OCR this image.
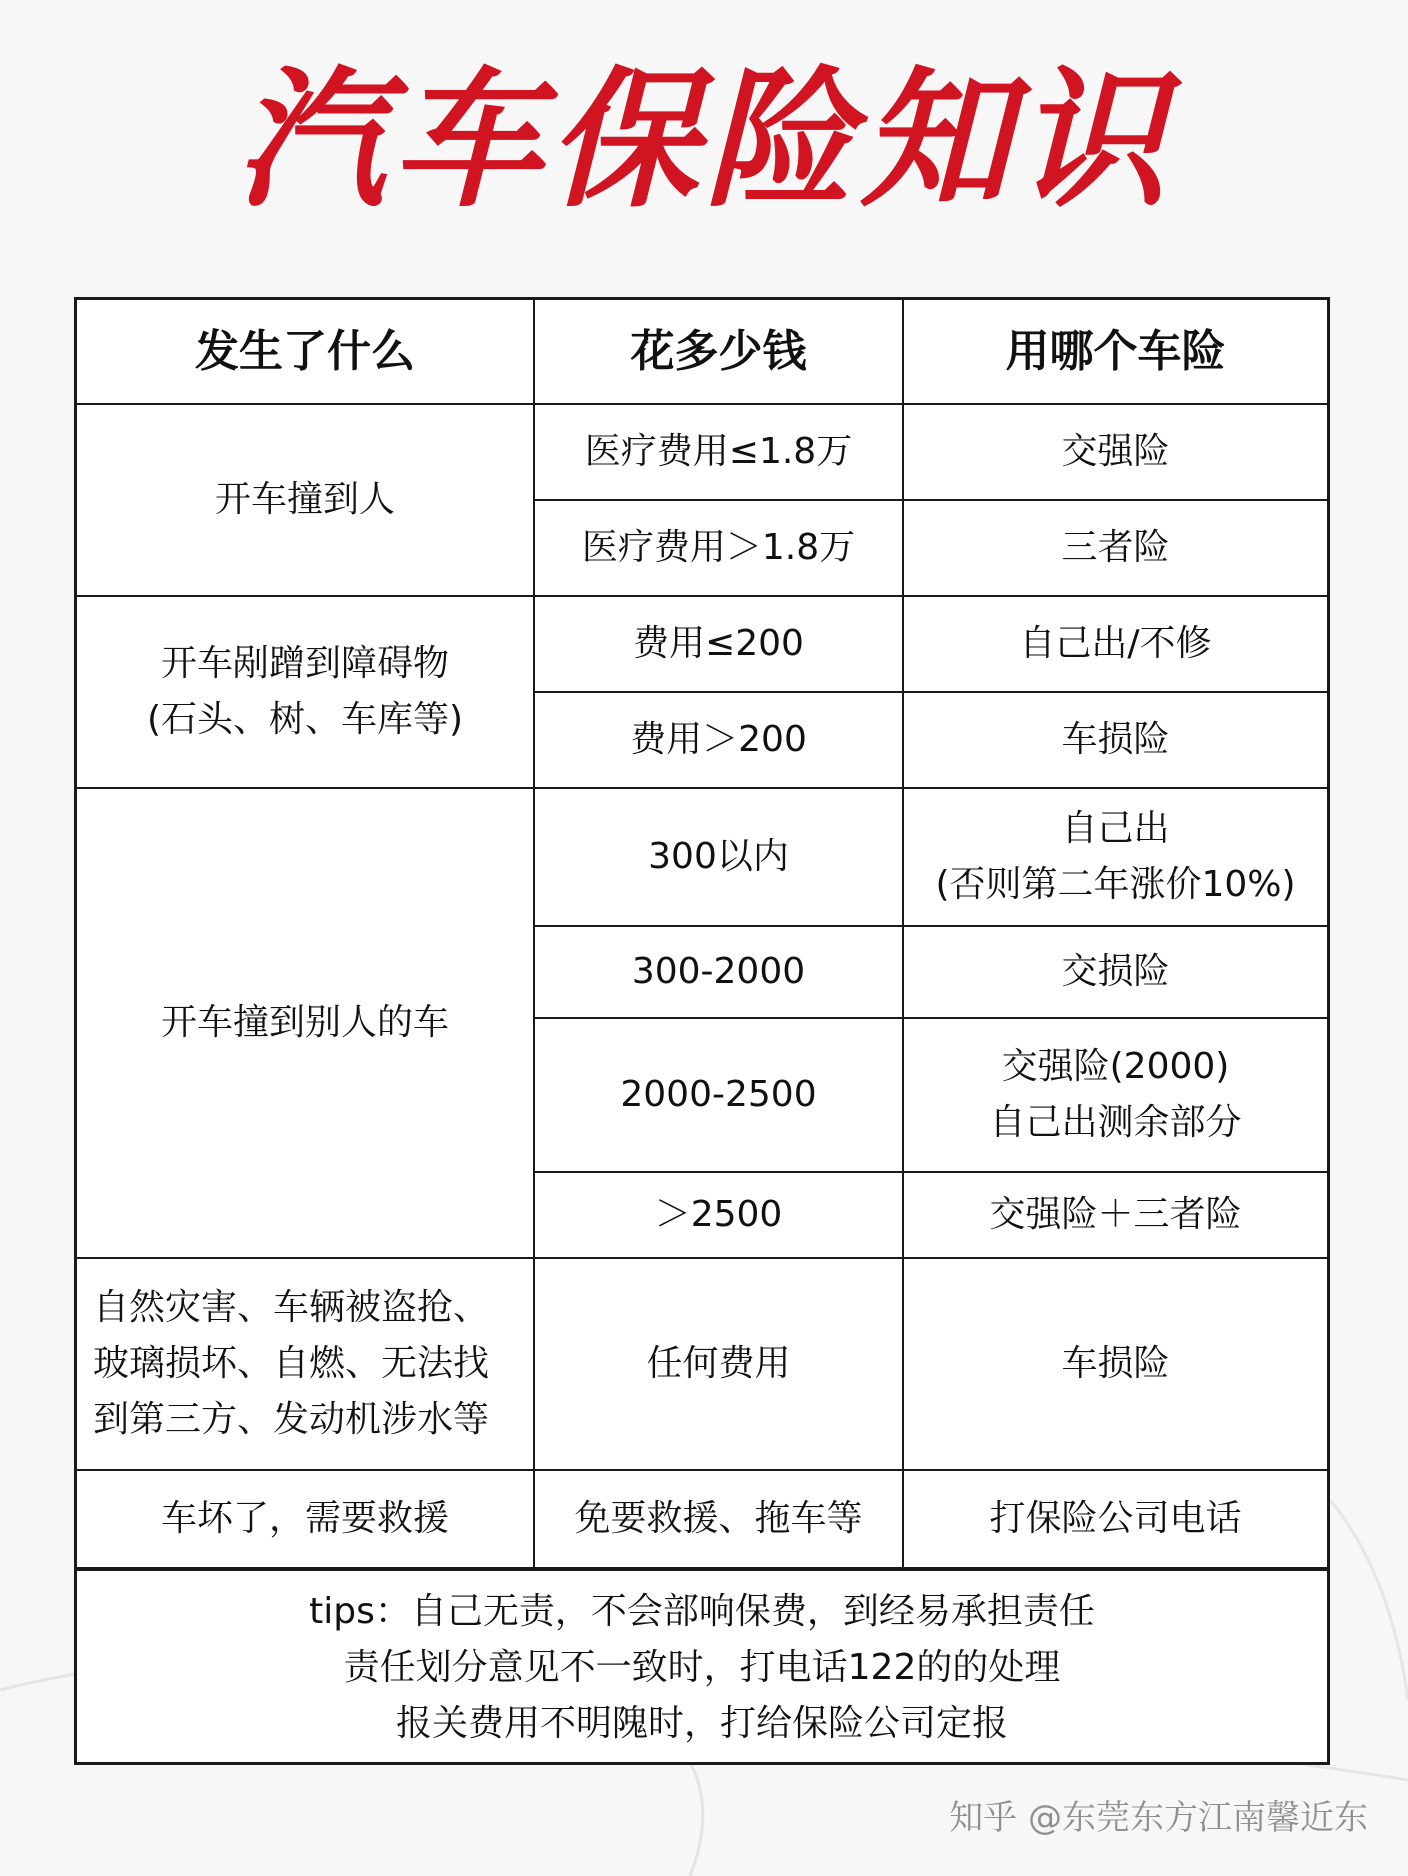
汽车保险知识
发生了什么	花多少钱	用哪个车险

开车撞到人	医疗费用≤1.8万	交强险

	医疗费用＞1.8万	三者险

开车剐蹭到障碍物
(石头、树、车库等)	费用≤200	自己出/不修

	费用＞200	车损险

开车撞到别人的车	300以内	自己出
(否则第二年涨价10%)

	300-2000	交损险

	2000-2500	交强险(2000)
自己出测余部分

	＞2500	交强险＋三者险

自然灾害、车辆被盗抢、
玻璃损坏、自燃、无法找
到第三方、发动机涉水等	任何费用	车损险

车坏了，需要救援	免要救援、拖车等	打保险公司电话
tips：自己无责，不会部响保费，到经易承担责任
责任划分意见不一致时，打电话122的的处理
报关费用不明隗时，打给保险公司定报
知乎 @东莞东方江南馨近东
